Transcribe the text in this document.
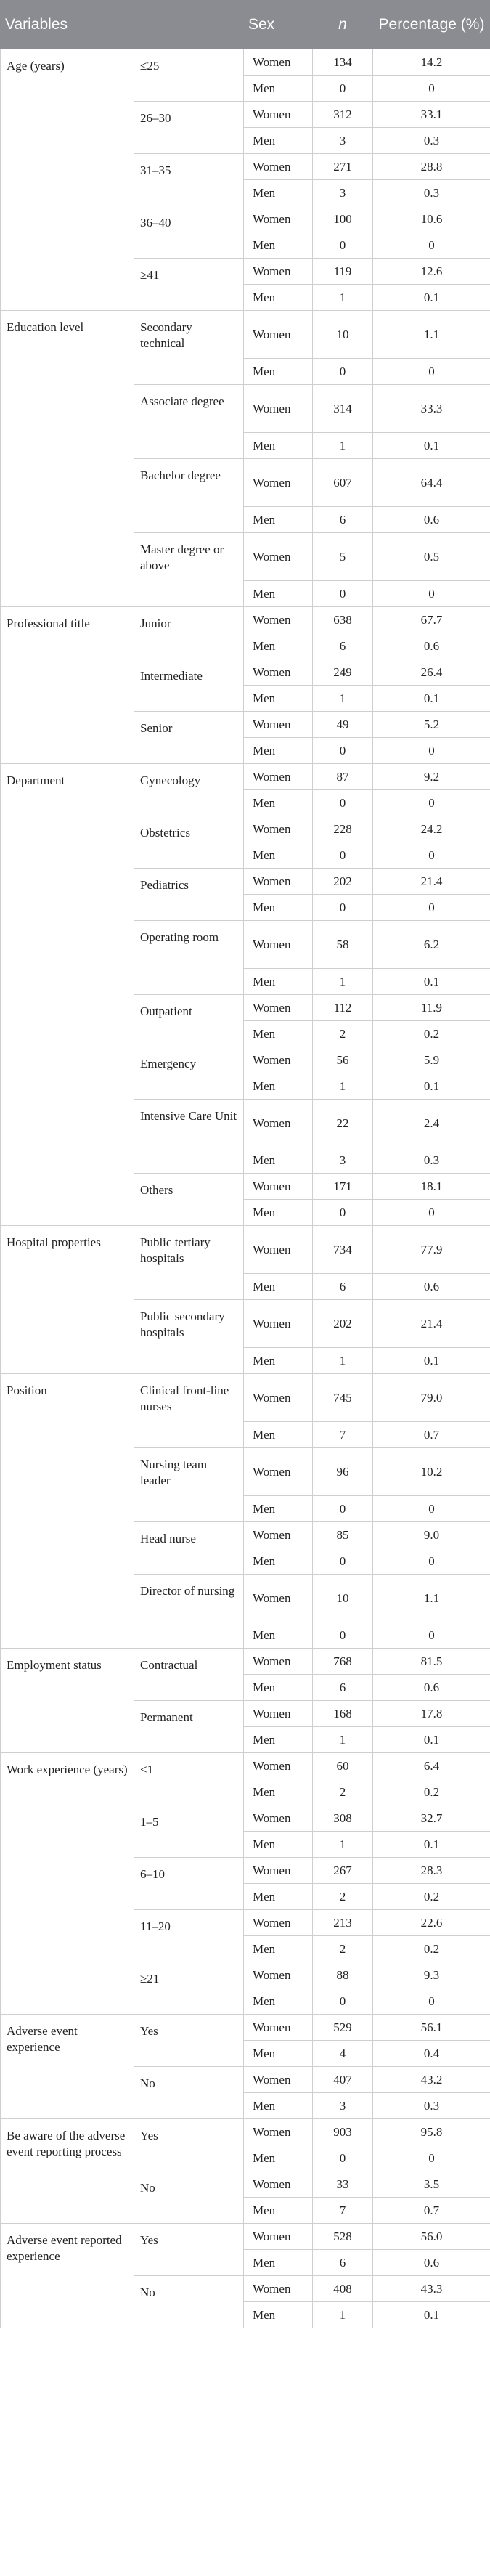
Variables		Sex	n	Percentage (%)
Age (years)	≤25	Women	134	14.2
		Men	0	0
	26–30	Women	312	33.1
		Men	3	0.3
	31–35	Women	271	28.8
		Men	3	0.3
	36–40	Women	100	10.6
		Men	0	0
	≥41	Women	119	12.6
		Men	1	0.1
Education level	Secondary technical	Women	10	1.1
		Men	0	0
	Associate degree	Women	314	33.3
		Men	1	0.1
	Bachelor degree	Women	607	64.4
		Men	6	0.6
	Master degree or above	Women	5	0.5
		Men	0	0
Professional title	Junior	Women	638	67.7
		Men	6	0.6
	Intermediate	Women	249	26.4
		Men	1	0.1
	Senior	Women	49	5.2
		Men	0	0
Department	Gynecology	Women	87	9.2
		Men	0	0
	Obstetrics	Women	228	24.2
		Men	0	0
	Pediatrics	Women	202	21.4
		Men	0	0
	Operating room	Women	58	6.2
		Men	1	0.1
	Outpatient	Women	112	11.9
		Men	2	0.2
	Emergency	Women	56	5.9
		Men	1	0.1
	Intensive Care Unit	Women	22	2.4
		Men	3	0.3
	Others	Women	171	18.1
		Men	0	0
Hospital properties	Public tertiary hospitals	Women	734	77.9
		Men	6	0.6
	Public secondary hospitals	Women	202	21.4
		Men	1	0.1
Position	Clinical front-line nurses	Women	745	79.0
		Men	7	0.7
	Nursing team leader	Women	96	10.2
		Men	0	0
	Head nurse	Women	85	9.0
		Men	0	0
	Director of nursing	Women	10	1.1
		Men	0	0
Employment status	Contractual	Women	768	81.5
		Men	6	0.6
	Permanent	Women	168	17.8
		Men	1	0.1
Work experience (years)	<1	Women	60	6.4
		Men	2	0.2
	1–5	Women	308	32.7
		Men	1	0.1
	6–10	Women	267	28.3
		Men	2	0.2
	11–20	Women	213	22.6
		Men	2	0.2
	≥21	Women	88	9.3
		Men	0	0
Adverse event experience	Yes	Women	529	56.1
		Men	4	0.4
	No	Women	407	43.2
		Men	3	0.3
Be aware of the adverse event reporting process	Yes	Women	903	95.8
		Men	0	0
	No	Women	33	3.5
		Men	7	0.7
Adverse event reported experience	Yes	Women	528	56.0
		Men	6	0.6
	No	Women	408	43.3
		Men	1	0.1
